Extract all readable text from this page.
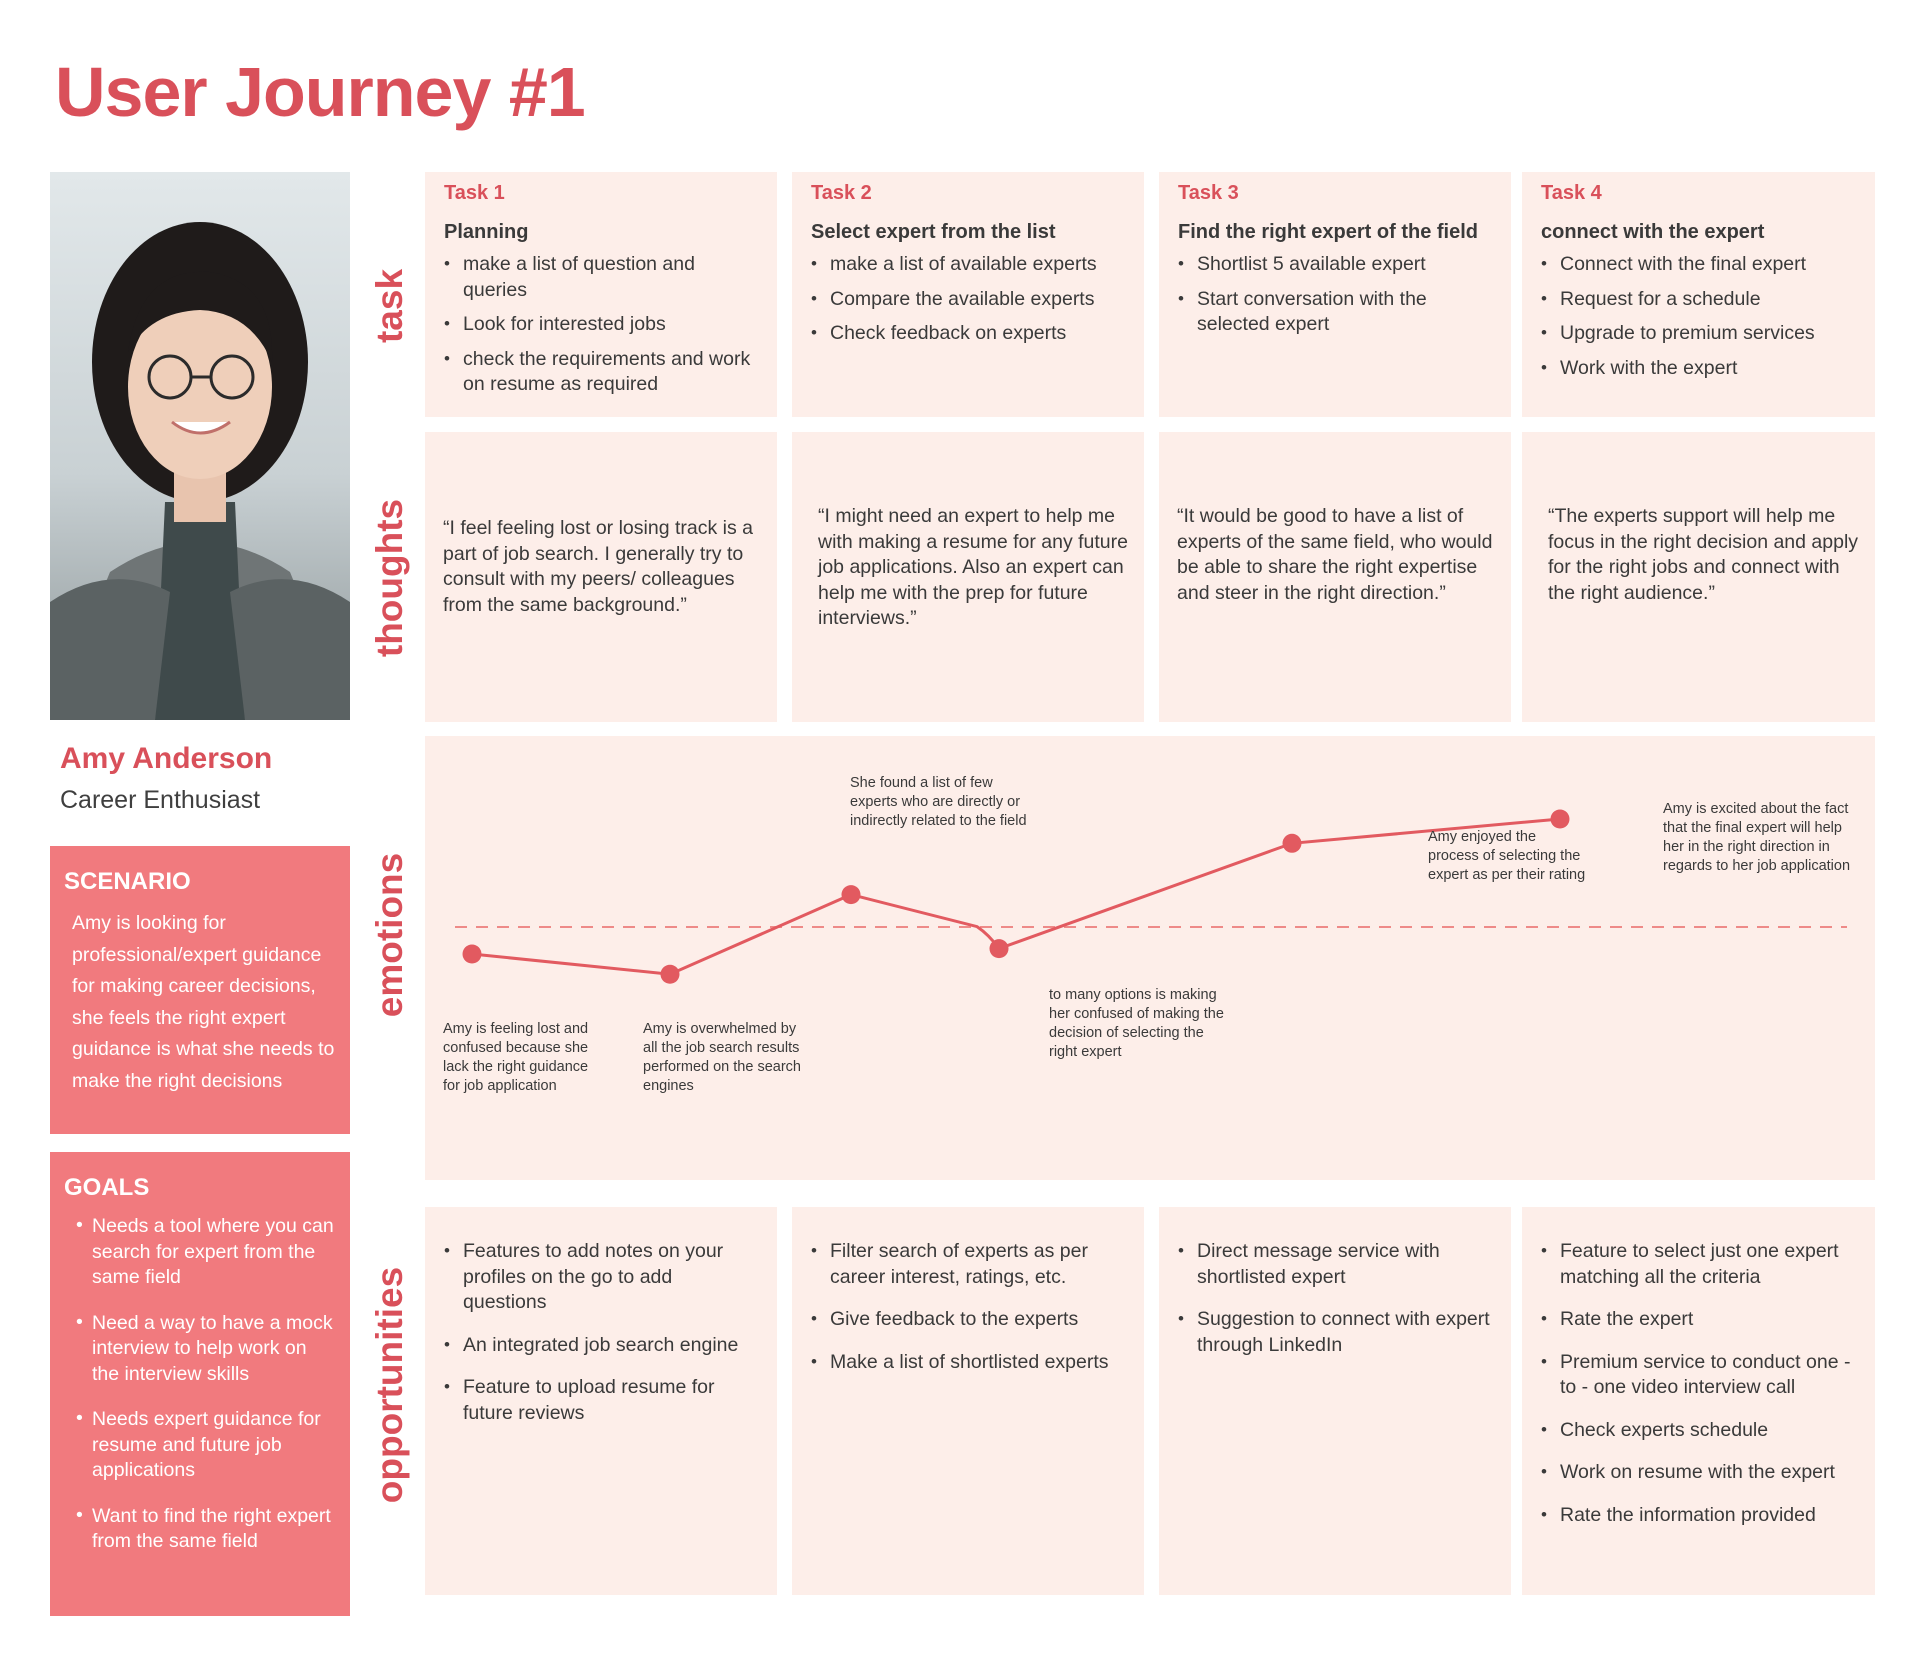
User Journey #1
Amy Anderson
Career Enthusiast
SCENARIO
Amy is looking for professional/expert guidance for making career decisions, she feels the right expert guidance is what she needs to make the right decisions
GOALS
• Needs a tool where you can search for expert from the same field
• Need a way to have a mock interview to help work on the interview skills
• Needs expert guidance for resume and future job applications
• Want to find the right expert from the same field
task
thoughts
emotions
opportunities
Task 1
Planning
• make a list of question and queries
• Look for interested jobs
• check the requirements and work on resume as required
Task 2
Select expert from the list
• make a list of available experts
• Compare the available experts
• Check feedback on experts
Task 3
Find the right expert of the field
• Shortlist 5 available expert
• Start conversation with the selected expert
Task 4
connect with the expert
• Connect with the final expert
• Request for a schedule
• Upgrade to premium services
• Work with the expert
“I feel feeling lost or losing track is a part of job search. I generally try to consult with my peers/ colleagues from the same background.”
“I might need an expert to help me with making a resume for any future job applications. Also an expert can help me with the prep for future interviews.”
“It would be good to have a list of experts of the same field, who would be able to share the right expertise and steer in the right direction.”
“The experts support will help me focus in the right decision and apply for the right jobs and connect with the right audience.”
Amy is feeling lost and confused because she lack the right guidance for job application
Amy is overwhelmed by all the job search results performed on the search engines
She found a list of few experts who are directly or indirectly related to the field
to many options is making her confused of making the decision of selecting the right expert
Amy enjoyed the process of selecting the expert as per their rating
Amy is excited about the fact that the final expert will help her in the right direction in regards to her job application
• Features to add notes on your profiles on the go to add questions
• An integrated job search engine
• Feature to upload resume for future reviews
• Filter search of experts as per career interest, ratings, etc.
• Give feedback to the experts
• Make a list of shortlisted experts
• Direct message service with shortlisted expert
• Suggestion to connect with expert through LinkedIn
• Feature to select just one expert matching all the criteria
• Rate the expert
• Premium service to conduct one - to - one video interview call
• Check experts schedule
• Work on resume with the expert
• Rate the information provided
